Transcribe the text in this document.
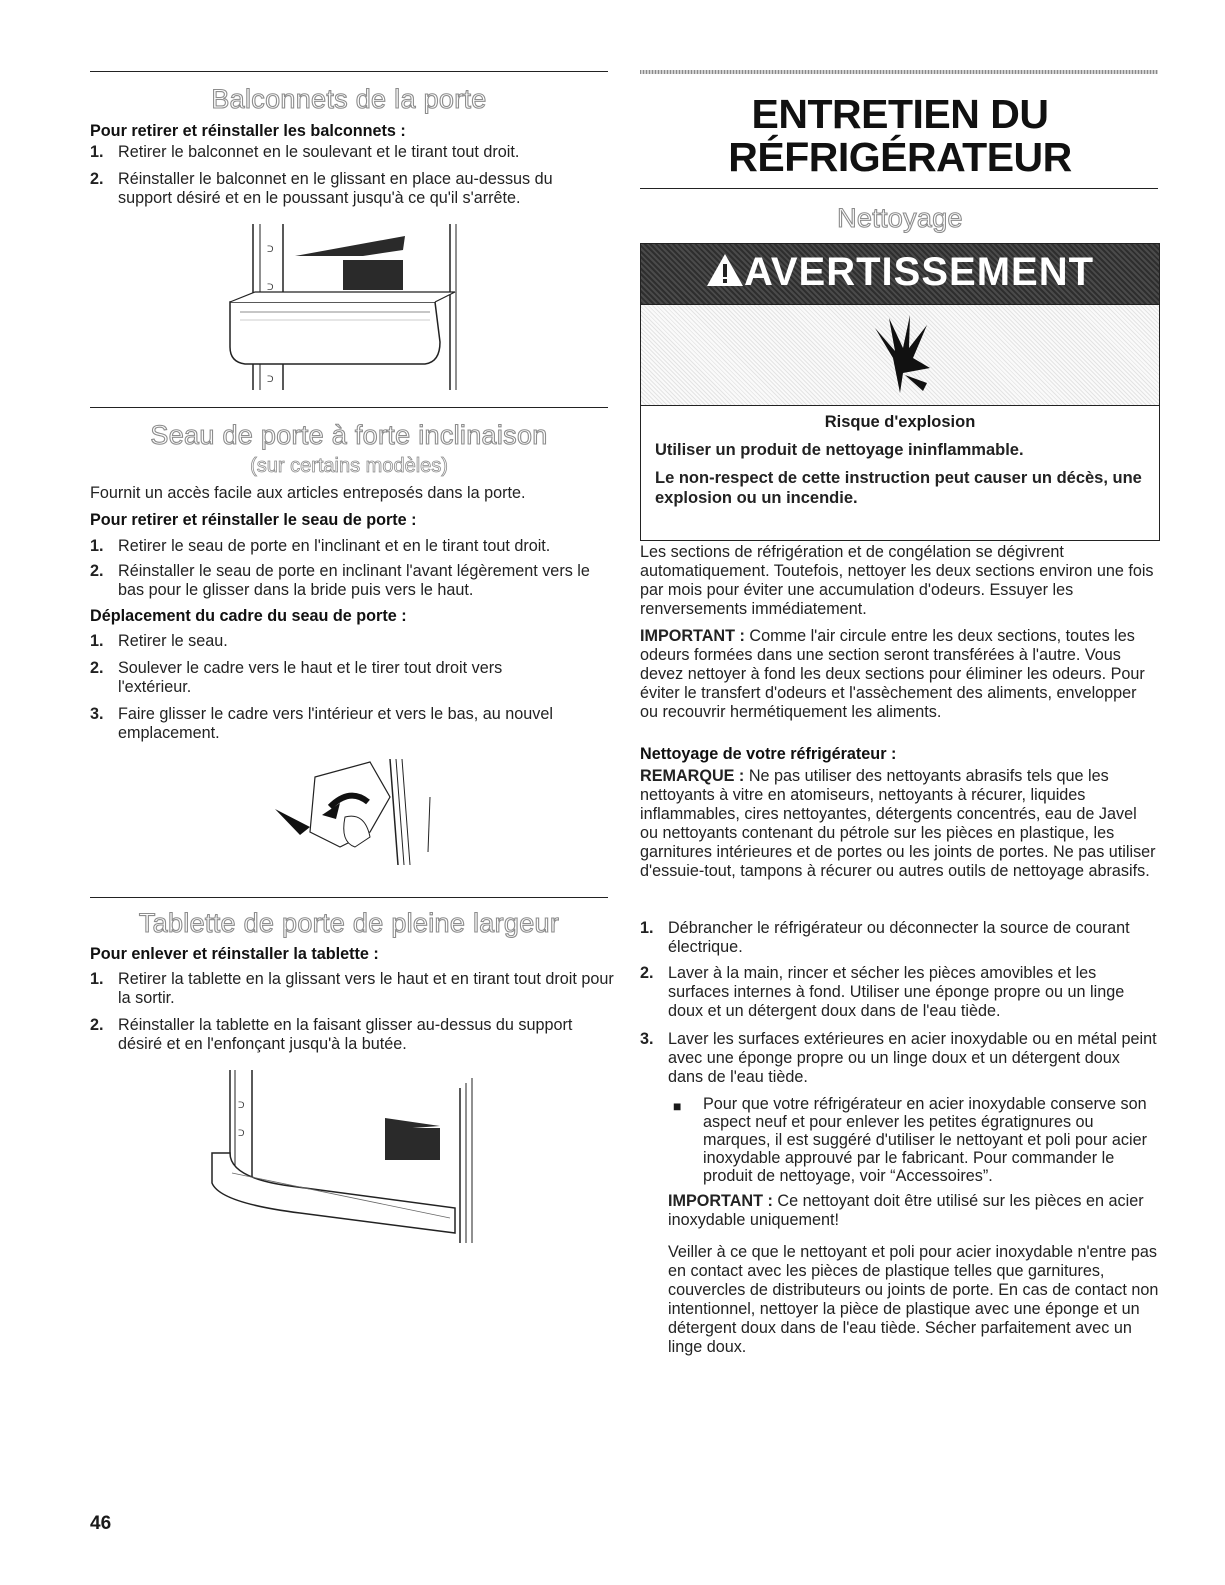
Balconnets de la porte
Pour retirer et réinstaller les balconnets :
1. Retirer le balconnet en le soulevant et le tirant tout droit.
2. Réinstaller le balconnet en le glissant en place au-dessus du support désiré et en le poussant jusqu'à ce qu'il s'arrête.
ᑐ
ᑐ
ᑐ
Seau de porte à forte inclinaison
(sur certains modèles)
Fournit un accès facile aux articles entreposés dans la porte.
Pour retirer et réinstaller le seau de porte :
1. Retirer le seau de porte en l'inclinant et en le tirant tout droit.
2. Réinstaller le seau de porte en inclinant l'avant légèrement vers le bas pour le glisser dans la bride puis vers le haut.
Déplacement du cadre du seau de porte :
1. Retirer le seau.
2. Soulever le cadre vers le haut et le tirer tout droit vers l'extérieur.
3. Faire glisser le cadre vers l'intérieur et vers le bas, au nouvel emplacement.
Tablette de porte de pleine largeur
Pour enlever et réinstaller la tablette :
1. Retirer la tablette en la glissant vers le haut et en tirant tout droit pour la sortir.
2. Réinstaller la tablette en la faisant glisser au-dessus du support désiré et en l'enfonçant jusqu'à la butée.
ᑐ
ᑐ
ENTRETIEN DU
RÉFRIGÉRATEUR
Nettoyage
AVERTISSEMENT
Risque d'explosion
Utiliser un produit de nettoyage ininflammable.
Le non-respect de cette instruction peut causer un décès, une explosion ou un incendie.
Les sections de réfrigération et de congélation se dégivrent automatiquement. Toutefois, nettoyer les deux sections environ une fois par mois pour éviter une accumulation d'odeurs. Essuyer les renversements immédiatement.
IMPORTANT : Comme l'air circule entre les deux sections, toutes les odeurs formées dans une section seront transférées à l'autre. Vous devez nettoyer à fond les deux sections pour éliminer les odeurs. Pour éviter le transfert d'odeurs et l'assèchement des aliments, envelopper ou recouvrir hermétiquement les aliments.
Nettoyage de votre réfrigérateur :
REMARQUE : Ne pas utiliser des nettoyants abrasifs tels que les nettoyants à vitre en atomiseurs, nettoyants à récurer, liquides inflammables, cires nettoyantes, détergents concentrés, eau de Javel ou nettoyants contenant du pétrole sur les pièces en plastique, les garnitures intérieures et de portes ou les joints de portes. Ne pas utiliser d'essuie-tout, tampons à récurer ou autres outils de nettoyage abrasifs.
1. Débrancher le réfrigérateur ou déconnecter la source de courant électrique.
2. Laver à la main, rincer et sécher les pièces amovibles et les surfaces internes à fond. Utiliser une éponge propre ou un linge doux et un détergent doux dans de l'eau tiède.
3. Laver les surfaces extérieures en acier inoxydable ou en métal peint avec une éponge propre ou un linge doux et un détergent doux dans de l'eau tiède.
■ Pour que votre réfrigérateur en acier inoxydable conserve son aspect neuf et pour enlever les petites égratignures ou marques, il est suggéré d'utiliser le nettoyant et poli pour acier inoxydable approuvé par le fabricant. Pour commander le produit de nettoyage, voir “Accessoires”.
IMPORTANT : Ce nettoyant doit être utilisé sur les pièces en acier inoxydable uniquement!
Veiller à ce que le nettoyant et poli pour acier inoxydable n'entre pas en contact avec les pièces de plastique telles que garnitures, couvercles de distributeurs ou joints de porte. En cas de contact non intentionnel, nettoyer la pièce de plastique avec une éponge et un détergent doux dans de l'eau tiède. Sécher parfaitement avec un linge doux.
46
